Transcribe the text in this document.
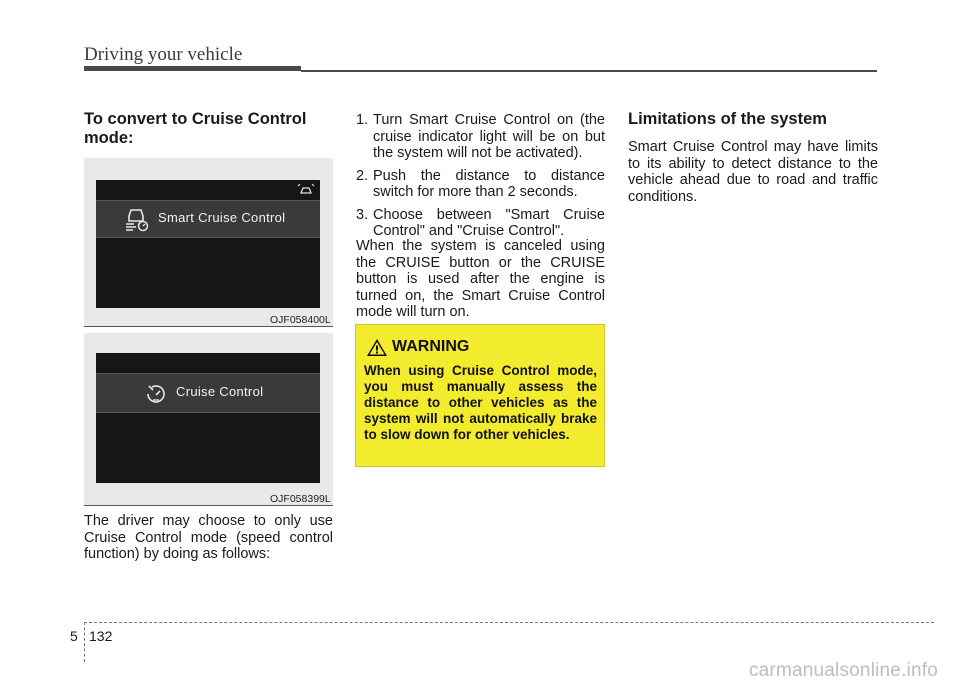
Driving your vehicle
To convert to Cruise Control mode:
Smart Cruise Control
OJF058400L
Cruise Control
OJF058399L
The driver may choose to only use Cruise Control mode (speed control function) by doing as follows:
1. Turn Smart Cruise Control on (the cruise indicator light will be on but the system will not be activated).
2. Push the distance to distance switch for more than 2 seconds.
3. Choose between "Smart Cruise Control" and "Cruise Control".
When the system is canceled using the CRUISE button or the CRUISE button is used after the engine is turned on, the Smart Cruise Control mode will turn on.
WARNING
When using Cruise Control mode, you must manually assess the distance to other vehicles as the system will not automatically brake to slow down for other vehicles.
Limitations of the system
Smart Cruise Control may have limits to its ability to detect distance to the vehicle ahead due to road and traffic conditions.
5 132
carmanualsonline.info
